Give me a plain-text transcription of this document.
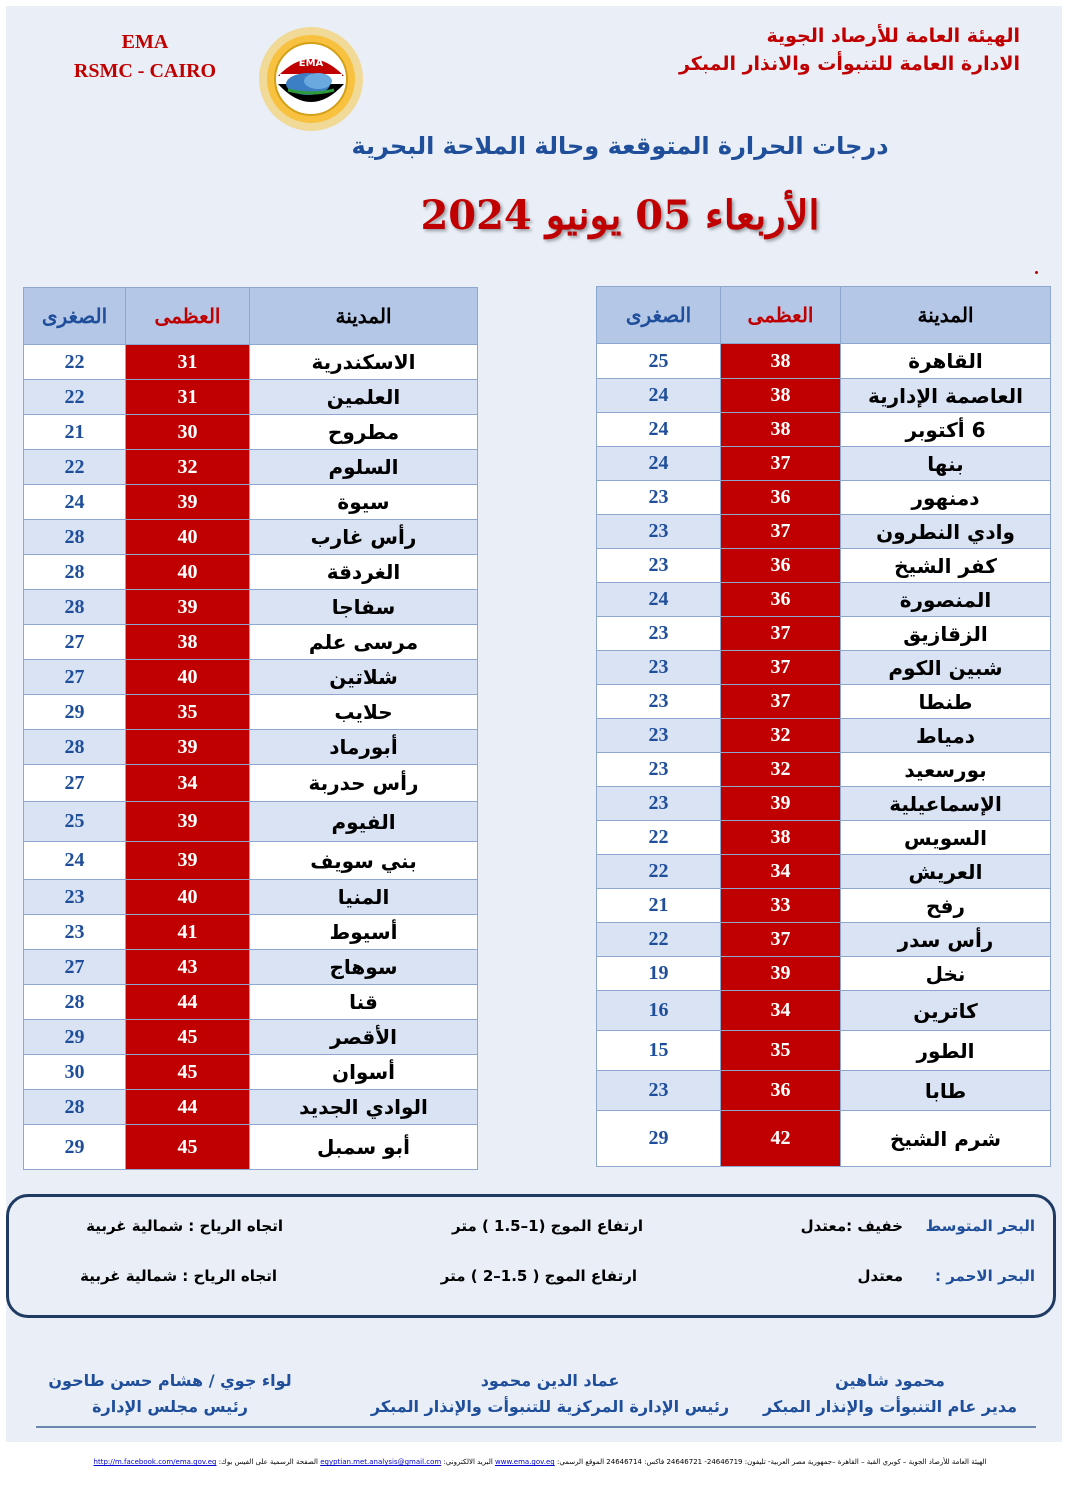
EMA
RSMC - CAIRO	EMA
الهيئة العامة للأرصاد الجوية
الادارة العامة للتنبوأت والانذار المبكر
درجات الحرارة المتوقعة وحالة الملاحة البحرية
الأربعاء 05 يونيو 2024
المدينة	العظمى	الصغرى
القاهرة	38	25
العاصمة الإدارية	38	24
6 أكتوبر	38	24
بنها	37	24
دمنهور	36	23
وادي النطرون	37	23
كفر الشيخ	36	23
المنصورة	36	24
الزقازيق	37	23
شبين الكوم	37	23
طنطا	37	23
دمياط	32	23
بورسعيد	32	23
الإسماعيلية	39	23
السويس	38	22
العريش	34	22
رفح	33	21
رأس سدر	37	22
نخل	39	19
كاترين	34	16
الطور	35	15
طابا	36	23
شرم الشيخ	42	29
المدينة	العظمى	الصغرى
الاسكندرية	31	22
العلمين	31	22
مطروح	30	21
السلوم	32	22
سيوة	39	24
رأس غارب	40	28
الغردقة	40	28
سفاجا	39	28
مرسى علم	38	27
شلاتين	40	27
حلايب	35	29
أبورماد	39	28
رأس حدربة	34	27
الفيوم	39	25
بني سويف	39	24
المنيا	40	23
أسيوط	41	23
سوهاج	43	27
قنا	44	28
الأقصر	45	29
أسوان	45	30
الوادي الجديد	44	28
أبو سمبل	45	29
البحر المتوسط
خفيف :معتدل
ارتفاع الموج (1–1.5 ) متر
اتجاه الرياح : شمالية غربية
البحر الاحمر :
معتدل
ارتفاع الموج ( 1.5–2 ) متر
اتجاه الرياح : شمالية غربية
محمود شاهين
مدير عام التنبوأت والإنذار المبكر
عماد الدين محمود
رئيس الإدارة المركزية للتنبوأت والإنذار المبكر
لواء جوي / هشام حسن طاحون
رئيس مجلس الإدارة
الهيئة العامة للأرصاد الجوية – كوبري القبة – القاهرة –جمهورية مصر العربية- تليفون: 24646719- 24646721 فاكس: 24646714 الموقع الرسمي: www.ema.gov.eg البريد الالكتروني: egyptian.met.analysis@gmail.com الصفحة الرسمية على الفيس بوك: http://m.facebook.com/ema.gov.eg
